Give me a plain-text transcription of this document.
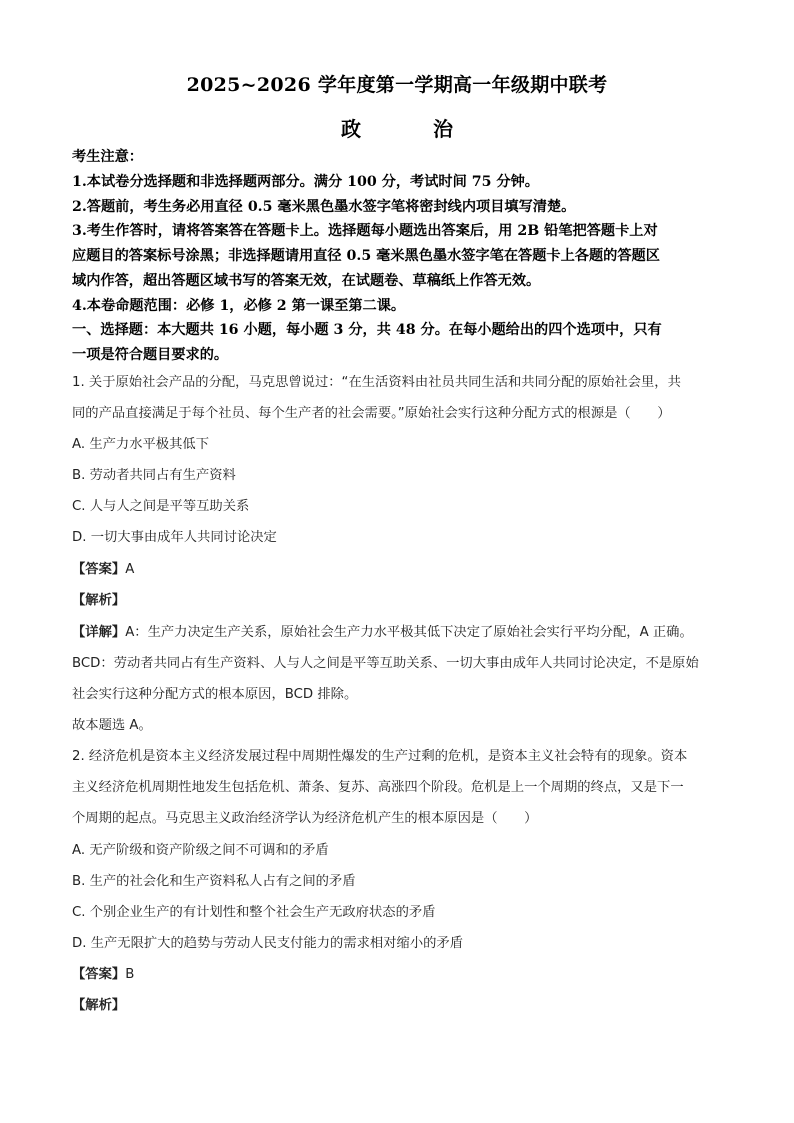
2025~2026 学年度第一学期高一年级期中联考
政　治
考生注意：
1.本试卷分选择题和非选择题两部分。满分 100 分，考试时间 75 分钟。
2.答题前，考生务必用直径 0.5 毫米黑色墨水签字笔将密封线内项目填写清楚。
3.考生作答时，请将答案答在答题卡上。选择题每小题选出答案后，用 2B 铅笔把答题卡上对
应题目的答案标号涂黑；非选择题请用直径 0.5 毫米黑色墨水签字笔在答题卡上各题的答题区
域内作答，超出答题区域书写的答案无效，在试题卷、草稿纸上作答无效。
4.本卷命题范围：必修 1，必修 2 第一课至第二课。
一、选择题：本大题共 16 小题，每小题 3 分，共 48 分。在每小题给出的四个选项中，只有
一项是符合题目要求的。
1. 关于原始社会产品的分配，马克思曾说过：“在生活资料由社员共同生活和共同分配的原始社会里，共
同的产品直接满足于每个社员、每个生产者的社会需要。”原始社会实行这种分配方式的根源是（　　）
A. 生产力水平极其低下
B. 劳动者共同占有生产资料
C. 人与人之间是平等互助关系
D. 一切大事由成年人共同讨论决定
【答案】A
【解析】
【详解】A：生产力决定生产关系，原始社会生产力水平极其低下决定了原始社会实行平均分配，A 正确。
BCD：劳动者共同占有生产资料、人与人之间是平等互助关系、一切大事由成年人共同讨论决定，不是原始
社会实行这种分配方式的根本原因，BCD 排除。
故本题选 A。
2. 经济危机是资本主义经济发展过程中周期性爆发的生产过剩的危机，是资本主义社会特有的现象。资本
主义经济危机周期性地发生包括危机、萧条、复苏、高涨四个阶段。危机是上一个周期的终点，又是下一
个周期的起点。马克思主义政治经济学认为经济危机产生的根本原因是（　　）
A. 无产阶级和资产阶级之间不可调和的矛盾
B. 生产的社会化和生产资料私人占有之间的矛盾
C. 个别企业生产的有计划性和整个社会生产无政府状态的矛盾
D. 生产无限扩大的趋势与劳动人民支付能力的需求相对缩小的矛盾
【答案】B
【解析】
